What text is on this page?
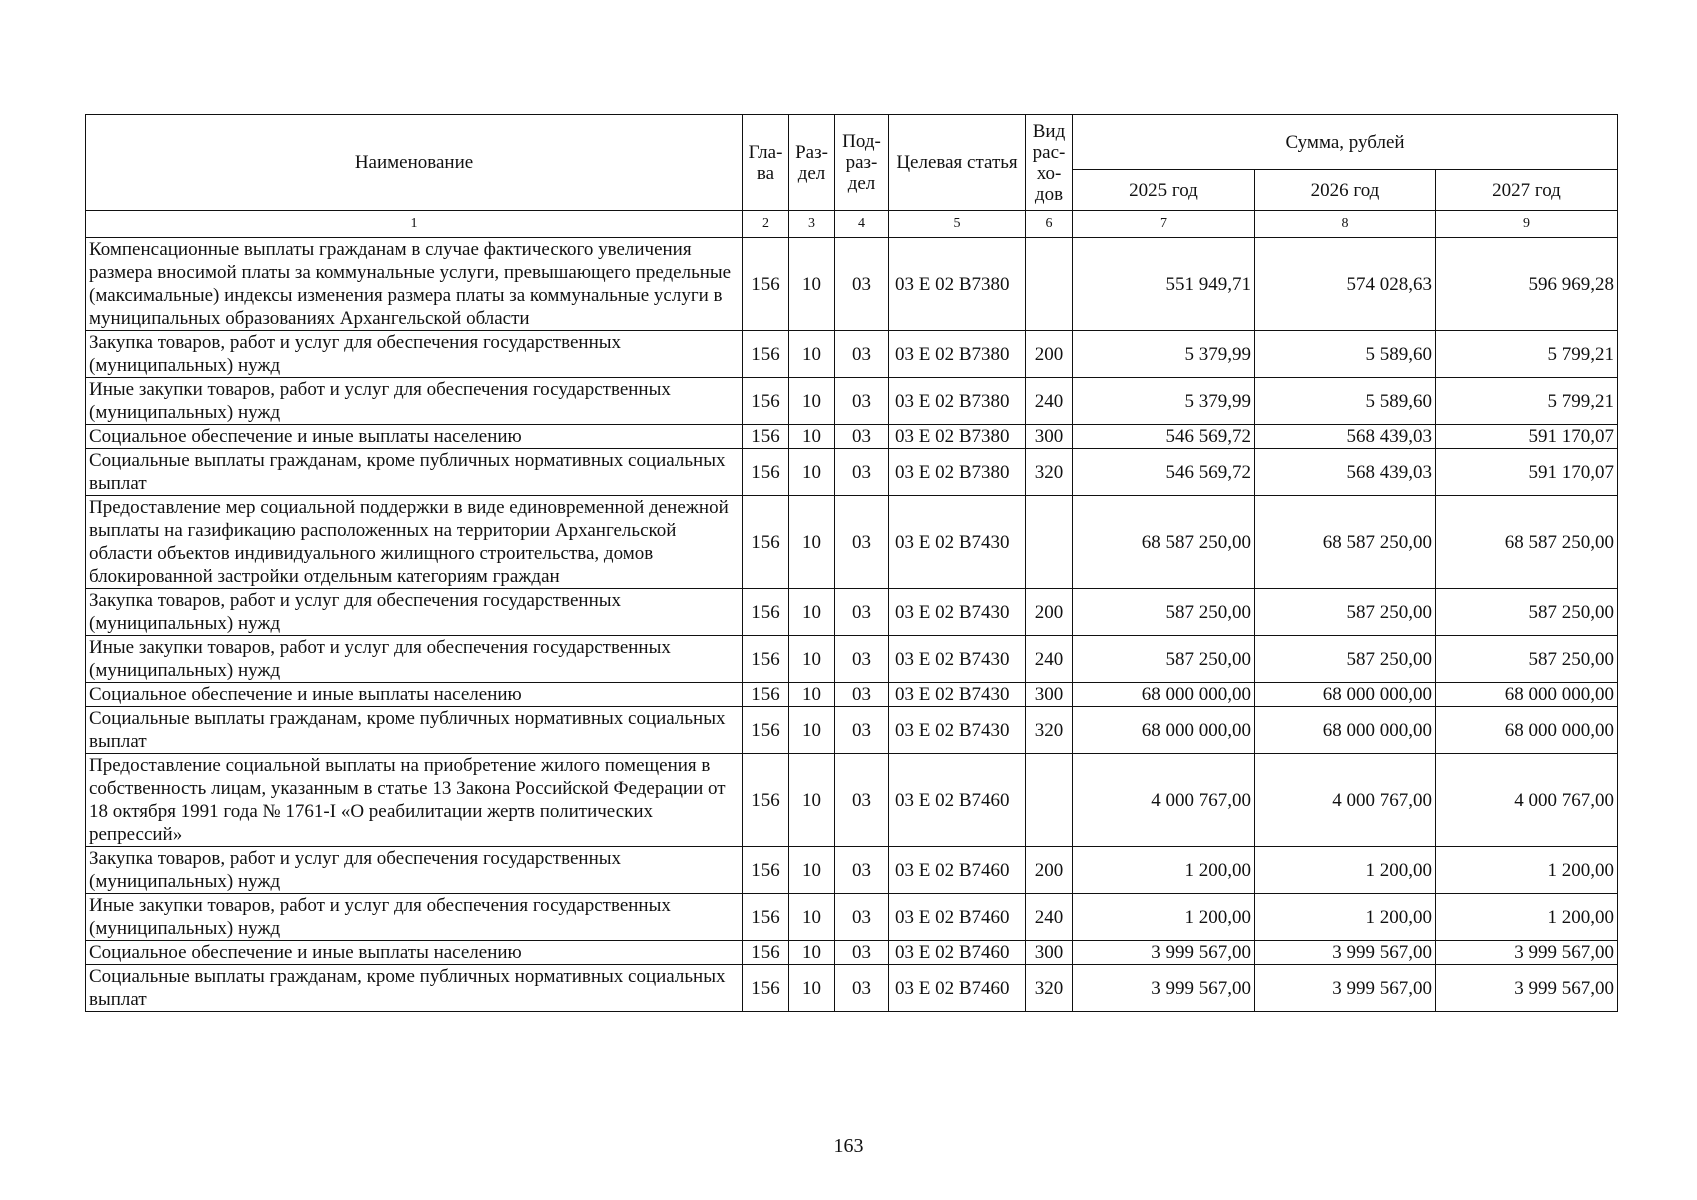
Наименование	Гла-ва	Раз-дел	Под-раз-дел	Целевая статья	Вид рас-хо-дов	Сумма, рублей		
						2025 год	2026 год	2027 год
1	2	3	4	5	6	7	8	9
Компенсационные выплаты гражданам в случае фактического увеличения размера вносимой платы за коммунальные услуги, превышающего предельные (максимальные) индексы изменения размера платы за коммунальные услуги в муниципальных образованиях Архангельской области	156	10	03	03 Е 02 В7380		551 949,71	574 028,63	596 969,28
Закупка товаров, работ и услуг для обеспечения государственных (муниципальных) нужд	156	10	03	03 Е 02 В7380	200	5 379,99	5 589,60	5 799,21
Иные закупки товаров, работ и услуг для обеспечения государственных (муниципальных) нужд	156	10	03	03 Е 02 В7380	240	5 379,99	5 589,60	5 799,21
Социальное обеспечение и иные выплаты населению	156	10	03	03 Е 02 В7380	300	546 569,72	568 439,03	591 170,07
Социальные выплаты гражданам, кроме публичных нормативных социальных выплат	156	10	03	03 Е 02 В7380	320	546 569,72	568 439,03	591 170,07
Предоставление мер социальной поддержки в виде единовременной денежной выплаты на газификацию расположенных на территории Архангельской области объектов индивидуального жилищного строительства, домов блокированной застройки отдельным категориям граждан	156	10	03	03 Е 02 В7430		68 587 250,00	68 587 250,00	68 587 250,00
Закупка товаров, работ и услуг для обеспечения государственных (муниципальных) нужд	156	10	03	03 Е 02 В7430	200	587 250,00	587 250,00	587 250,00
Иные закупки товаров, работ и услуг для обеспечения государственных (муниципальных) нужд	156	10	03	03 Е 02 В7430	240	587 250,00	587 250,00	587 250,00
Социальное обеспечение и иные выплаты населению	156	10	03	03 Е 02 В7430	300	68 000 000,00	68 000 000,00	68 000 000,00
Социальные выплаты гражданам, кроме публичных нормативных социальных выплат	156	10	03	03 Е 02 В7430	320	68 000 000,00	68 000 000,00	68 000 000,00
Предоставление социальной выплаты на приобретение жилого помещения в собственность лицам, указанным в статье 13 Закона Российской Федерации от 18 октября 1991 года № 1761-I «О реабилитации жертв политических репрессий»	156	10	03	03 Е 02 В7460		4 000 767,00	4 000 767,00	4 000 767,00
Закупка товаров, работ и услуг для обеспечения государственных (муниципальных) нужд	156	10	03	03 Е 02 В7460	200	1 200,00	1 200,00	1 200,00
Иные закупки товаров, работ и услуг для обеспечения государственных (муниципальных) нужд	156	10	03	03 Е 02 В7460	240	1 200,00	1 200,00	1 200,00
Социальное обеспечение и иные выплаты населению	156	10	03	03 Е 02 В7460	300	3 999 567,00	3 999 567,00	3 999 567,00
Социальные выплаты гражданам, кроме публичных нормативных социальных выплат	156	10	03	03 Е 02 В7460	320	3 999 567,00	3 999 567,00	3 999 567,00
163
